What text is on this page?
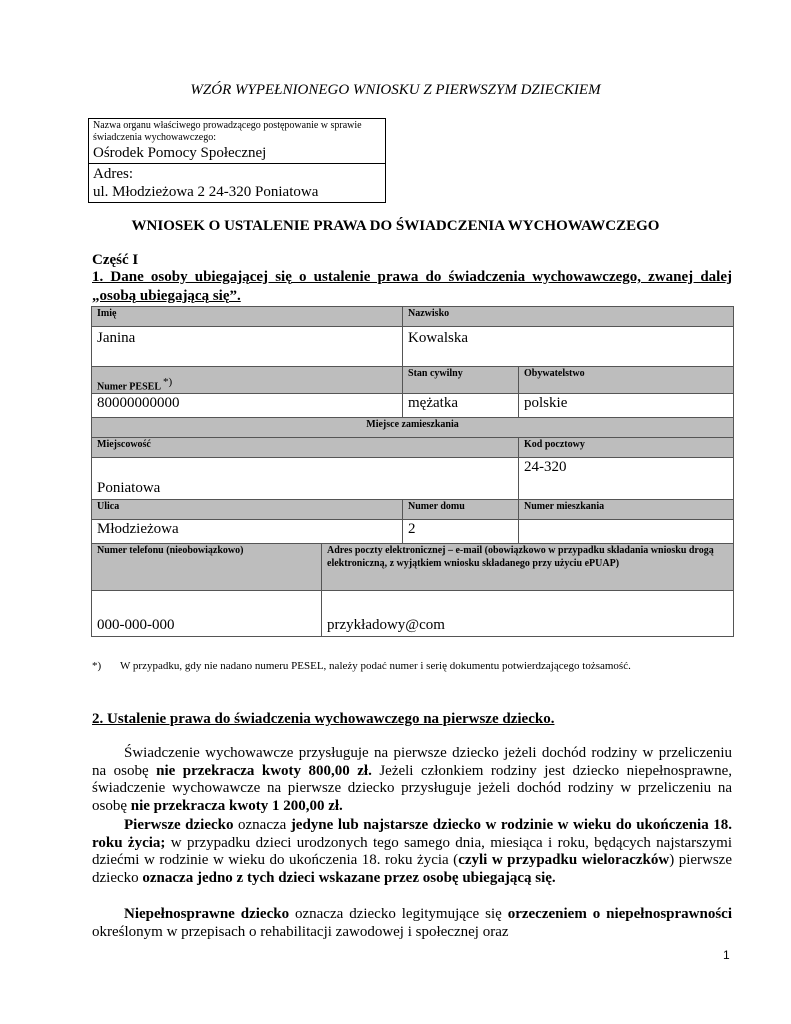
WZÓR WYPEŁNIONEGO WNIOSKU Z PIERWSZYM DZIECKIEM
Nazwa organu właściwego prowadzącego postępowanie w sprawie świadczenia wychowawczego:
Ośrodek Pomocy Społecznej
Adres:
ul. Młodzieżowa 2 24-320 Poniatowa
WNIOSEK O USTALENIE PRAWA DO ŚWIADCZENIA WYCHOWAWCZEGO
Część I
1. Dane osoby ubiegającej się o ustalenie prawa do świadczenia wychowawczego, zwanej dalej „osobą ubiegającą się”.
Imię		Nazwisko	
Janina		Kowalska	
Numer PESEL *)		Stan cywilny	Obywatelstwo
80000000000		mężatka	polskie
Miejsce zamieszkania			
Miejscowość			Kod pocztowy
Poniatowa			24-320
Ulica		Numer domu	Numer mieszkania
Młodzieżowa		2	
Numer telefonu (nieobowiązkowo)	Adres poczty elektronicznej – e-mail (obowiązkowo w przypadku składania wniosku drogą elektroniczną, z wyjątkiem wniosku składanego przy użyciu ePUAP)		
000-000-000	przykładowy@com		
*) W przypadku, gdy nie nadano numeru PESEL, należy podać numer i serię dokumentu potwierdzającego tożsamość.
2. Ustalenie prawa do świadczenia wychowawczego na pierwsze dziecko.
Świadczenie wychowawcze przysługuje na pierwsze dziecko jeżeli dochód rodziny w przeliczeniu na osobę nie przekracza kwoty 800,00 zł. Jeżeli członkiem rodziny jest dziecko niepełnosprawne, świadczenie wychowawcze na pierwsze dziecko przysługuje jeżeli dochód rodziny w przeliczeniu na osobę nie przekracza kwoty 1 200,00 zł.
Pierwsze dziecko oznacza jedyne lub najstarsze dziecko w rodzinie w wieku do ukończenia 18. roku życia; w przypadku dzieci urodzonych tego samego dnia, miesiąca i roku, będących najstarszymi dziećmi w rodzinie w wieku do ukończenia 18. roku życia (czyli w przypadku wieloraczków) pierwsze dziecko oznacza jedno z tych dzieci wskazane przez osobę ubiegającą się.
Niepełnosprawne dziecko oznacza dziecko legitymujące się orzeczeniem o niepełnosprawności określonym w przepisach o rehabilitacji zawodowej i społecznej oraz
1
